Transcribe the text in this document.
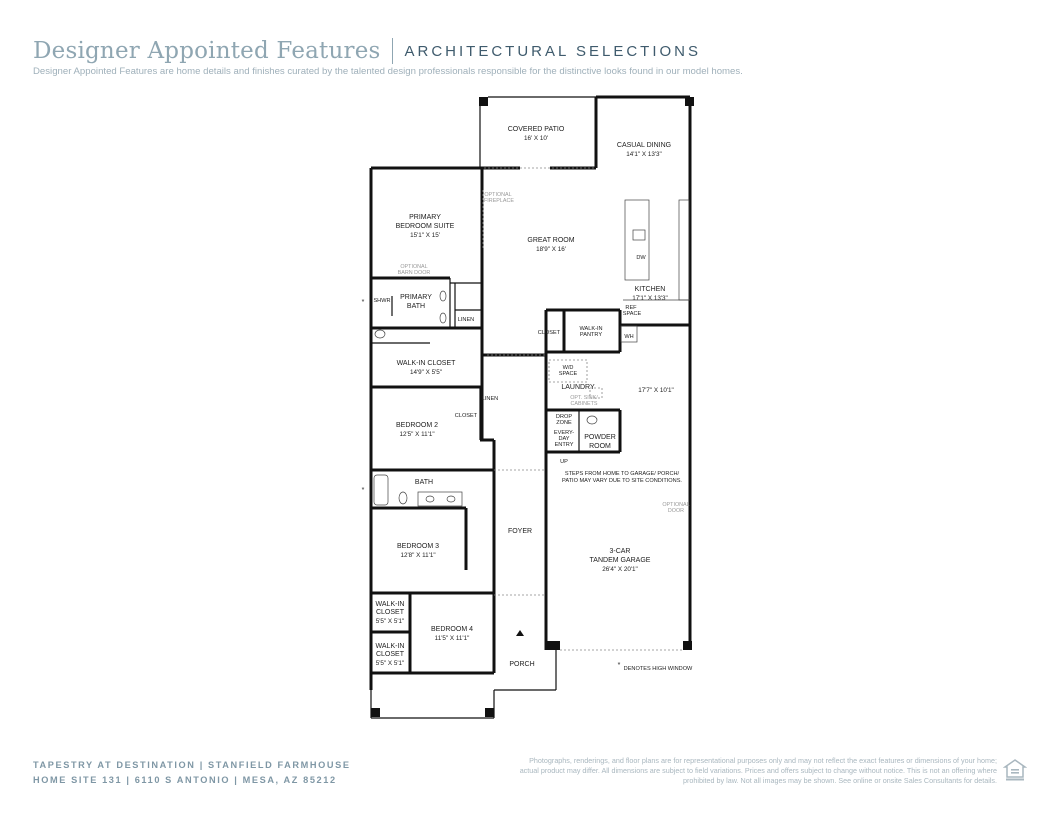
Designer Appointed Features ARCHITECTURAL SELECTIONS
Designer Appointed Features are home details and finishes curated by the talented design professionals responsible for the distinctive looks found in our model homes.
COVERED PATIO
16' X 10'
CASUAL DINING
14'1" X 13'3"
OPTIONAL
FIREPLACE
PRIMARY
BEDROOM SUITE
15'1" X 15'
GREAT ROOM
18'9" X 16'
DW
OPTIONAL
BARN DOOR
KITCHEN
17'1" X 13'3"
SHWR PRIMARY
BATH	REF
SPACE
LINEN
CLOSET
WALK-IN
PANTRY	WH
WALK-IN CLOSET
14'9" X 5'5"
W/D
SPACE
LAUNDRY	17'7" X 10'1"
OPT. SINK/
CABINETS
LINEN
CLOSET	DROP
ZONE
BEDROOM 2
12'5" X 11'1"	EVERY-
DAY
ENTRY
POWDER
ROOM
UP
STEPS FROM HOME TO GARAGE/ PORCH/
PATIO MAY VARY DUE TO SITE CONDITIONS.
BATH
OPTIONAL
DOOR
FOYER
BEDROOM 3
12'8" X 11'1"
3-CAR
TANDEM GARAGE
26'4" X 20'1"
WALK-IN
CLOSET
5'5" X 5'1"
BEDROOM 4
11'5" X 11'1"
WALK-IN
CLOSET
5'5" X 5'1"	PORCH	* DENOTES HIGH WINDOW
*
*
TAPESTRY AT DESTINATION | STANFIELD FARMHOUSE
HOME SITE 131 | 6110 S ANTONIO | MESA, AZ 85212
Photographs, renderings, and floor plans are for representational purposes only and may not reflect the exact features or dimensions of your home; actual product may differ. All dimensions are subject to field variations. Prices and offers subject to change without notice. This is not an offering where prohibited by law. Not all images may be shown. See online or onsite Sales Consultants for details.
